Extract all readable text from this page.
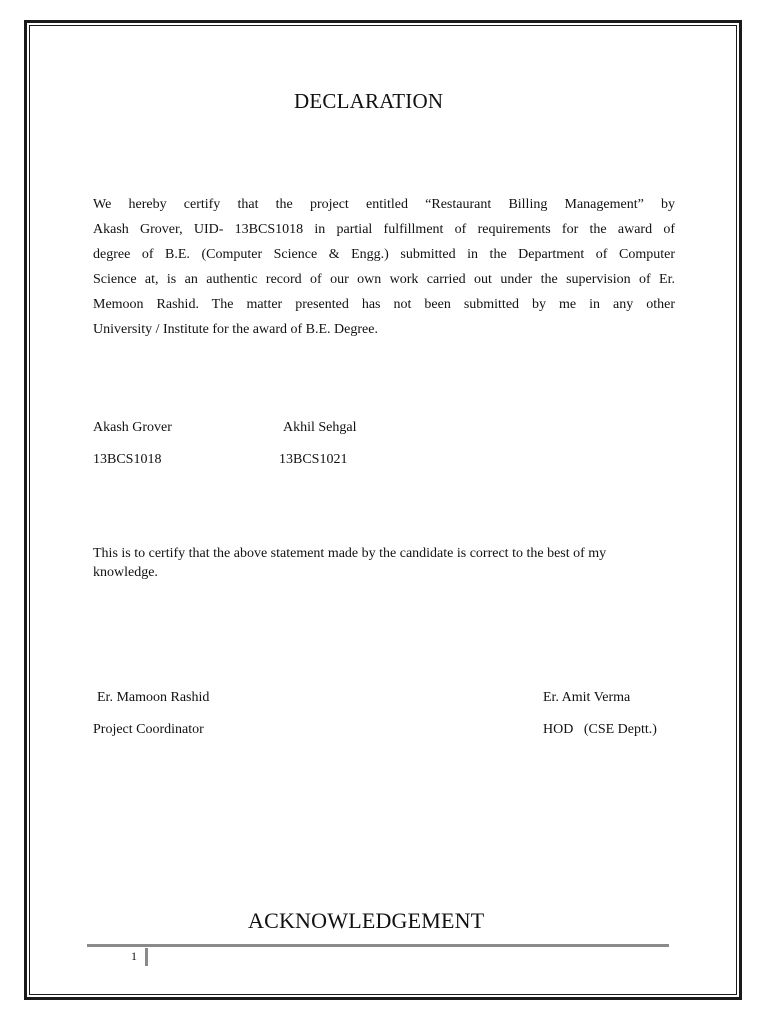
DECLARATION
We hereby certify that the project entitled “Restaurant Billing Management” by
Akash Grover, UID- 13BCS1018 in partial fulfillment of requirements for the award of
degree of B.E. (Computer Science & Engg.) submitted in the Department of Computer
Science at, is an authentic record of our own work carried out under the supervision of Er.
Memoon Rashid. The matter presented has not been submitted by me in any other
University / Institute for the award of B.E. Degree.
Akash Grover	Akhil Sehgal
13BCS1018	13BCS1021
This is to certify that the above statement made by the candidate is correct to the best of my knowledge.
Er. Mamoon Rashid
Project Coordinator
Er. Amit Verma
HOD   (CSE Deptt.)
ACKNOWLEDGEMENT
1
